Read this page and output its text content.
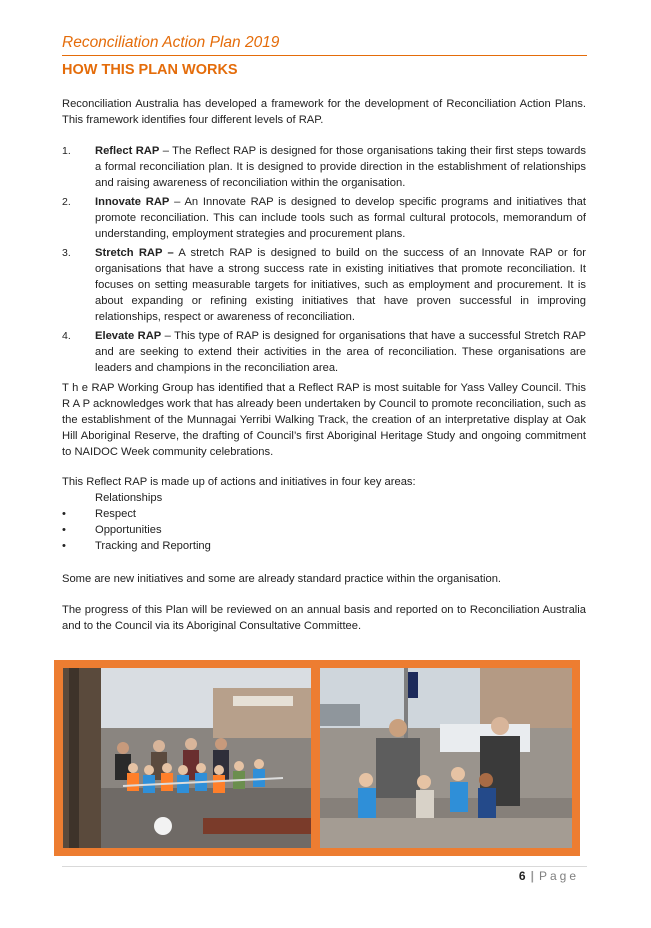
Reconciliation Action Plan 2019
HOW THIS PLAN WORKS

Reconciliation Australia has developed a framework for the development of Reconciliation Action Plans. This framework identifies four different levels of RAP.

1.	Reflect RAP – The Reflect RAP is designed for those organisations taking their first steps towards a formal reconciliation plan. It is designed to provide direction in the establishment of relationships and raising awareness of reconciliation within the organisation.
2.	Innovate RAP – An Innovate RAP is designed to develop specific programs and initiatives that promote reconciliation. This can include tools such as formal cultural protocols, memorandum of understanding, employment strategies and procurement plans.
3.	Stretch RAP – A stretch RAP is designed to build on the success of an Innovate RAP or for organisations that have a strong success rate in existing initiatives that promote reconciliation. It focuses on setting measurable targets for initiatives, such as employment and procurement. It is about expanding or refining existing initiatives that have proven successful in improving relationships, respect or awareness of reconciliation.
4.	Elevate RAP – This type of RAP is designed for organisations that have a successful Stretch RAP and are seeking to extend their activities in the area of reconciliation. These organisations are leaders and champions in the reconciliation area.

T h e RAP Working Group has identified that a Reflect RAP is most suitable for Yass Valley Council. This R A P acknowledges work that has already been undertaken by Council to promote reconciliation, such as the establishment of the Munnagai Yerribi Walking Track, the creation of an interpretative display at Oak Hill Aboriginal Reserve, the drafting of Council’s first Aboriginal Heritage Study and ongoing commitment to NAIDOC Week community celebrations.

This Reflect RAP is made up of actions and initiatives in four key areas:

Relationships
•	Respect
•	Opportunities
•	Tracking and Reporting

Some are new initiatives and some are already standard practice within the organisation.

The progress of this Plan will be reviewed on an annual basis and reported on to Reconciliation Australia and to the Council via its Aboriginal Consultative Committee.

6 | Page
